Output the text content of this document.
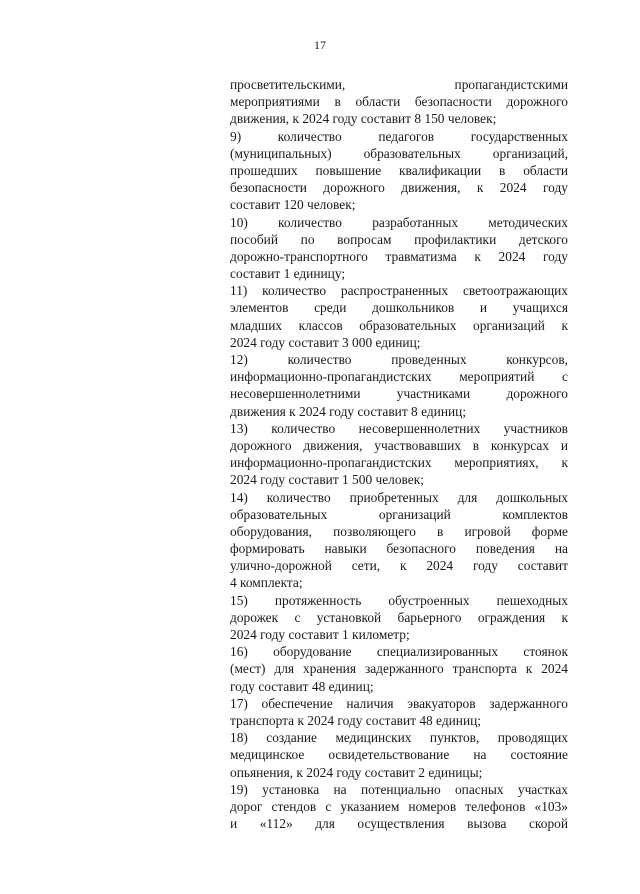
17
просветительскими, пропагандистскими
мероприятиями в области безопасности дорожного
движения, к 2024 году составит 8 150 человек;
9) количество педагогов государственных
(муниципальных) образовательных организаций,
прошедших повышение квалификации в области
безопасности дорожного движения, к 2024 году
составит 120 человек;
10) количество разработанных методических
пособий по вопросам профилактики детского
дорожно-транспортного травматизма к 2024 году
составит 1 единицу;
11) количество распространенных светоотражающих
элементов среди дошкольников и учащихся
младших классов образовательных организаций к
2024 году составит 3 000 единиц;
12) количество проведенных конкурсов,
информационно-пропагандистских мероприятий с
несовершеннолетними участниками дорожного
движения к 2024 году составит 8 единиц;
13) количество несовершеннолетних участников
дорожного движения, участвовавших в конкурсах и
информационно-пропагандистских мероприятиях, к
2024 году составит 1 500 человек;
14) количество приобретенных для дошкольных
образовательных организаций комплектов
оборудования, позволяющего в игровой форме
формировать навыки безопасного поведения на
улично-дорожной сети, к 2024 году составит
4 комплекта;
15) протяженность обустроенных пешеходных
дорожек с установкой барьерного ограждения к
2024 году составит 1 километр;
16) оборудование специализированных стоянок
(мест) для хранения задержанного транспорта к 2024
году составит 48 единиц;
17) обеспечение наличия эвакуаторов задержанного
транспорта к 2024 году составит 48 единиц;
18) создание медицинских пунктов, проводящих
медицинское освидетельствование на состояние
опьянения, к 2024 году составит 2 единицы;
19) установка на потенциально опасных участках
дорог стендов с указанием номеров телефонов «103»
и «112» для осуществления вызова скорой
